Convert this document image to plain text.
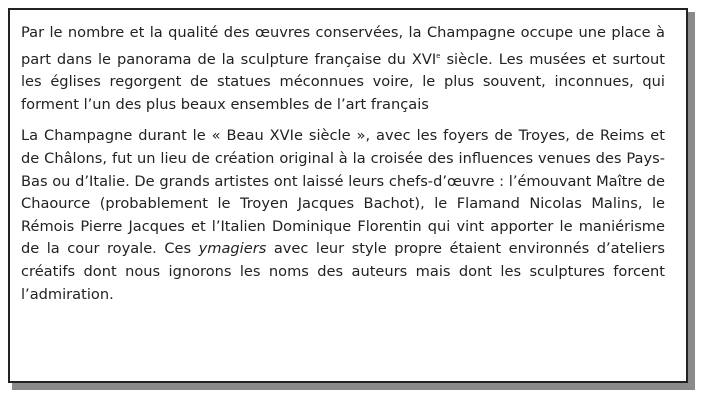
Par le nombre et la qualité des œuvres conservées, la Champagne occupe une place à part dans le panorama de la sculpture française du XVIe siècle. Les musées et surtout les églises regorgent de statues méconnues voire, le plus souvent, inconnues, qui forment l’un des plus beaux ensembles de l’art français

La Champagne durant le « Beau XVIe siècle », avec les foyers de Troyes, de Reims et de Châlons, fut un lieu de création original à la croisée des influences venues des Pays-Bas ou d’Italie. De grands artistes ont laissé leurs chefs-d’œuvre : l’émouvant Maître de Chaource (probablement le Troyen Jacques Bachot), le Flamand Nicolas Malins, le Rémois Pierre Jacques et l’Italien Dominique Florentin qui vint apporter le maniérisme de la cour royale. Ces ymagiers avec leur style propre étaient environnés d’ateliers créatifs dont nous ignorons les noms des auteurs mais dont les sculptures forcent l’admiration.
